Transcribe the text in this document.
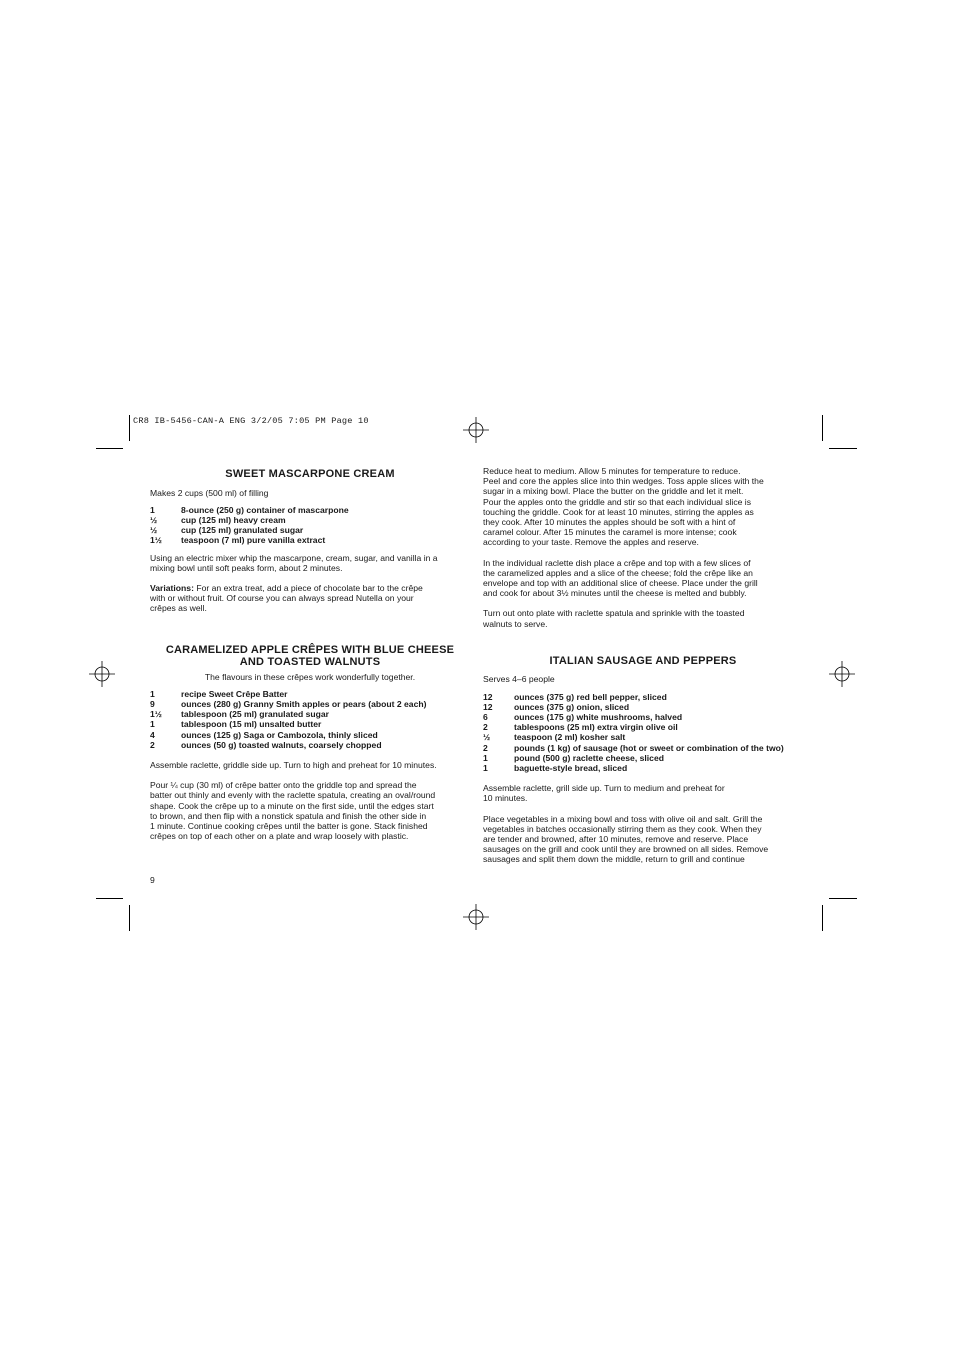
CR8 IB-5456-CAN-A ENG 3/2/05 7:05 PM Page 10
SWEET MASCARPONE CREAM

Makes 2 cups (500 ml) of filling

1	8-ounce (250 g) container of mascarpone
½	cup (125 ml) heavy cream
½	cup (125 ml) granulated sugar
1½	teaspoon (7 ml) pure vanilla extract

Using an electric mixer whip the mascarpone, cream, sugar, and vanilla in a
mixing bowl until soft peaks form, about 2 minutes.

Variations: For an extra treat, add a piece of chocolate bar to the crêpe
with or without fruit. Of course you can always spread Nutella on your
crêpes as well.

CARAMELIZED APPLE CRÊPES WITH BLUE CHEESE
AND TOASTED WALNUTS

The flavours in these crêpes work wonderfully together.

1	recipe Sweet Crêpe Batter
9	ounces (280 g) Granny Smith apples or pears (about 2 each)
1½	tablespoon (25 ml) granulated sugar
1	tablespoon (15 ml) unsalted butter
4	ounces (125 g) Saga or Cambozola, thinly sliced
2	ounces (50 g) toasted walnuts, coarsely chopped

Assemble raclette, griddle side up. Turn to high and preheat for 10 minutes.

Pour ¼ cup (30 ml) of crêpe batter onto the griddle top and spread the
batter out thinly and evenly with the raclette spatula, creating an oval/round
shape. Cook the crêpe up to a minute on the first side, until the edges start
to brown, and then flip with a nonstick spatula and finish the other side in
1 minute. Continue cooking crêpes until the batter is gone. Stack finished
crêpes on top of each other on a plate and wrap loosely with plastic.

9

Reduce heat to medium. Allow 5 minutes for temperature to reduce.
Peel and core the apples slice into thin wedges. Toss apple slices with the
sugar in a mixing bowl. Place the butter on the griddle and let it melt.
Pour the apples onto the griddle and stir so that each individual slice is
touching the griddle. Cook for at least 10 minutes, stirring the apples as
they cook. After 10 minutes the apples should be soft with a hint of
caramel colour. After 15 minutes the caramel is more intense; cook
according to your taste. Remove the apples and reserve.

In the individual raclette dish place a crêpe and top with a few slices of
the caramelized apples and a slice of the cheese; fold the crêpe like an
envelope and top with an additional slice of cheese. Place under the grill
and cook for about 3½ minutes until the cheese is melted and bubbly.

Turn out onto plate with raclette spatula and sprinkle with the toasted
walnuts to serve.

ITALIAN SAUSAGE AND PEPPERS

Serves 4–6 people

12	ounces (375 g) red bell pepper, sliced
12	ounces (375 g) onion, sliced
6	ounces (175 g) white mushrooms, halved
2	tablespoons (25 ml) extra virgin olive oil
½	teaspoon (2 ml) kosher salt
2	pounds (1 kg) of sausage (hot or sweet or combination of the two)
1	pound (500 g) raclette cheese, sliced
1	baguette-style bread, sliced

Assemble raclette, grill side up. Turn to medium and preheat for
10 minutes.

Place vegetables in a mixing bowl and toss with olive oil and salt. Grill the
vegetables in batches occasionally stirring them as they cook. When they
are tender and browned, after 10 minutes, remove and reserve. Place
sausages on the grill and cook until they are browned on all sides. Remove
sausages and split them down the middle, return to grill and continue
